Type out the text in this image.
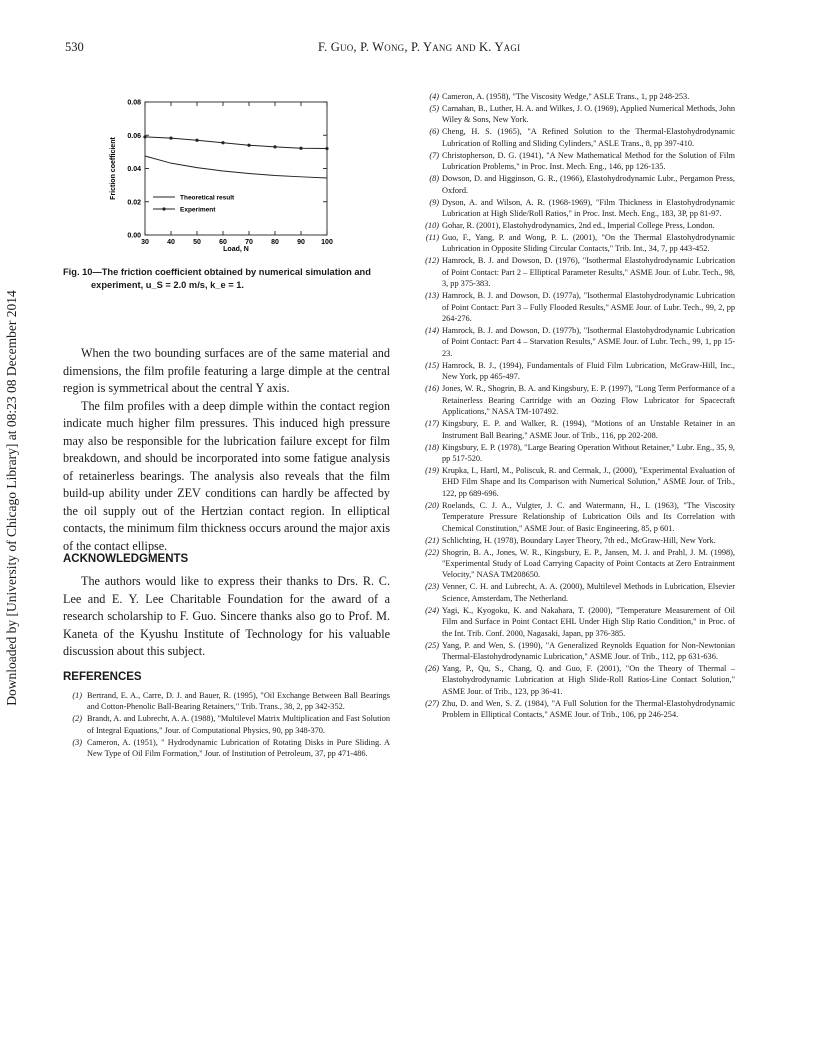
530	F. Guo, P. Wong, P. Yang and K. Yagi
Downloaded by [University of Chicago Library] at 08:23 08 December 2014
0.00
0.02
0.04
0.06
0.08
30	40	50	60	70	80	90 100
Load, N
Friction coefficient	Theoretical result
Experiment
Fig. 10—The friction coefficient obtained by numerical simulation and
experiment, u_S = 2.0 m/s, k_e = 1.

When the two bounding surfaces are of the same material and dimensions, the film profile featuring a large dimple at the central region is symmetrical about the central Y axis.

The film profiles with a deep dimple within the contact region indicate much higher film pressures. This induced high pressure may also be responsible for the lubrication failure except for film breakdown, and should be incorporated into some fatigue analysis of retainerless bearings. The analysis also reveals that the film build-up ability under ZEV conditions can hardly be affected by the oil supply out of the Hertzian contact region. In elliptical contacts, the minimum film thickness occurs around the major axis of the contact ellipse.

ACKNOWLEDGMENTS

The authors would like to express their thanks to Drs. R. C. Lee and E. Y. Lee Charitable Foundation for the award of a research scholarship to F. Guo. Sincere thanks also go to Prof. M. Kaneta of the Kyushu Institute of Technology for his valuable discussion about this subject.

REFERENCES
(1) Bertrand, E. A., Carre, D. J. and Bauer, R. (1995), "Oil Exchange Between Ball Bearings and Cotton-Phenolic Ball-Bearing Retainers," Trib. Trans., 38, 2, pp 342-352.
(2) Brandt, A. and Lubrecht, A. A. (1988), "Multilevel Matrix Multiplication and Fast Solution of Integral Equations," Jour. of Computational Physics, 90, pp 348-370.
(3) Cameron, A. (1951), " Hydrodynamic Lubrication of Rotating Disks in Pure Sliding. A New Type of Oil Film Formation," Jour. of Institution of Petroleum, 37, pp 471-486.
(4) Cameron, A. (1958), "The Viscosity Wedge," ASLE Trans., 1, pp 248-253.
(5) Carnahan, B., Luther, H. A. and Wilkes, J. O. (1969), Applied Numerical Methods, John Wiley & Sons, New York.
(6) Cheng, H. S. (1965), "A Refined Solution to the Thermal-Elastohydrodynamic Lubrication of Rolling and Sliding Cylinders," ASLE Trans., 8, pp 397-410.
(7) Christopherson, D. G. (1941), "A New Mathematical Method for the Solution of Film Lubrication Problems," in Proc. Inst. Mech. Eng., 146, pp 126-135.
(8) Dowson, D. and Higginson, G. R., (1966), Elastohydrodynamic Lubr., Pergamon Press, Oxford.
(9) Dyson, A. and Wilson, A. R. (1968-1969), "Film Thickness in Elastohydrodynamic Lubrication at High Slide/Roll Ratios," in Proc. Inst. Mech. Eng., 183, 3P, pp 81-97.
(10) Gohar, R. (2001), Elastohydrodynamics, 2nd ed., Imperial College Press, London.
(11) Guo, F., Yang, P. and Wong, P. L. (2001), "On the Thermal Elastohydrodynamic Lubrication in Opposite Sliding Circular Contacts," Trib. Int., 34, 7, pp 443-452.
(12) Hamrock, B. J. and Dowson, D. (1976), "Isothermal Elastohydrodynamic Lubrication of Point Contact: Part 2 – Elliptical Parameter Results," ASME Jour. of Lubr. Tech., 98, 3, pp 375-383.
(13) Hamrock, B. J. and Dowson, D. (1977a), "Isothermal Elastohydrodynamic Lubrication of Point Contact: Part 3 – Fully Flooded Results," ASME Jour. of Lubr. Tech., 99, 2, pp 264-276.
(14) Hamrock, B. J. and Dowson, D. (1977b), "Isothermal Elastohydrodynamic Lubrication of Point Contact: Part 4 – Starvation Results," ASME Jour. of Lubr. Tech., 99, 1, pp 15-23.
(15) Hamrock, B. J., (1994), Fundamentals of Fluid Film Lubrication, McGraw-Hill, Inc., New York, pp 465-497.
(16) Jones, W. R., Shogrin, B. A. and Kingsbury, E. P. (1997), "Long Term Performance of a Retainerless Bearing Cartridge with an Oozing Flow Lubricator for Spacecraft Applications," NASA TM-107492.
(17) Kingsbury, E. P. and Walker, R. (1994), "Motions of an Unstable Retainer in an Instrument Ball Bearing," ASME Jour. of Trib., 116, pp 202-208.
(18) Kingsbury, E. P. (1978), "Large Bearing Operation Without Retainer," Lubr. Eng., 35, 9, pp 517-520.
(19) Krupka, I., Hartl, M., Poliscuk, R. and Cermak, J., (2000), "Experimental Evaluation of EHD Film Shape and Its Comparison with Numerical Solution," ASME Jour. of Trib., 122, pp 689-696.
(20) Roelands, C. J. A., Vulgter, J. C. and Watermann, H., I. (1963), "The Viscosity Temperature Pressure Relationship of Lubrication Oils and Its Correlation with Chemical Constitution," ASME Jour. of Basic Engineering, 85, p 601.
(21) Schlichting, H. (1978), Boundary Layer Theory, 7th ed., McGraw-Hill, New York.
(22) Shogrin, B. A., Jones, W. R., Kingsbury, E. P., Jansen, M. J. and Prahl, J. M. (1998), "Experimental Study of Load Carrying Capacity of Point Contacts at Zero Entrainment Velocity," NASA TM208650.
(23) Venner, C. H. and Lubrecht, A. A. (2000), Multilevel Methods in Lubrication, Elsevier Science, Amsterdam, The Netherland.
(24) Yagi, K., Kyogoku, K. and Nakahara, T. (2000), "Temperature Measurement of Oil Film and Surface in Point Contact EHL Under High Slip Ratio Condition," in Proc. of the Int. Trib. Conf. 2000, Nagasaki, Japan, pp 376-385.
(25) Yang, P. and Wen, S. (1990), "A Generalized Reynolds Equation for Non-Newtonian Thermal-Elastohydrodynamic Lubrication," ASME Jour. of Trib., 112, pp 631-636.
(26) Yang, P., Qu, S., Chang, Q. and Guo, F. (2001), "On the Theory of Thermal –Elastohydrodynamic Lubrication at High Slide-Roll Ratios-Line Contact Solution," ASME Jour. of Trib., 123, pp 36-41.
(27) Zhu, D. and Wen, S. Z. (1984), "A Full Solution for the Thermal-Elastohydrodynamic Problem in Elliptical Contacts," ASME Jour. of Trib., 106, pp 246-254.
